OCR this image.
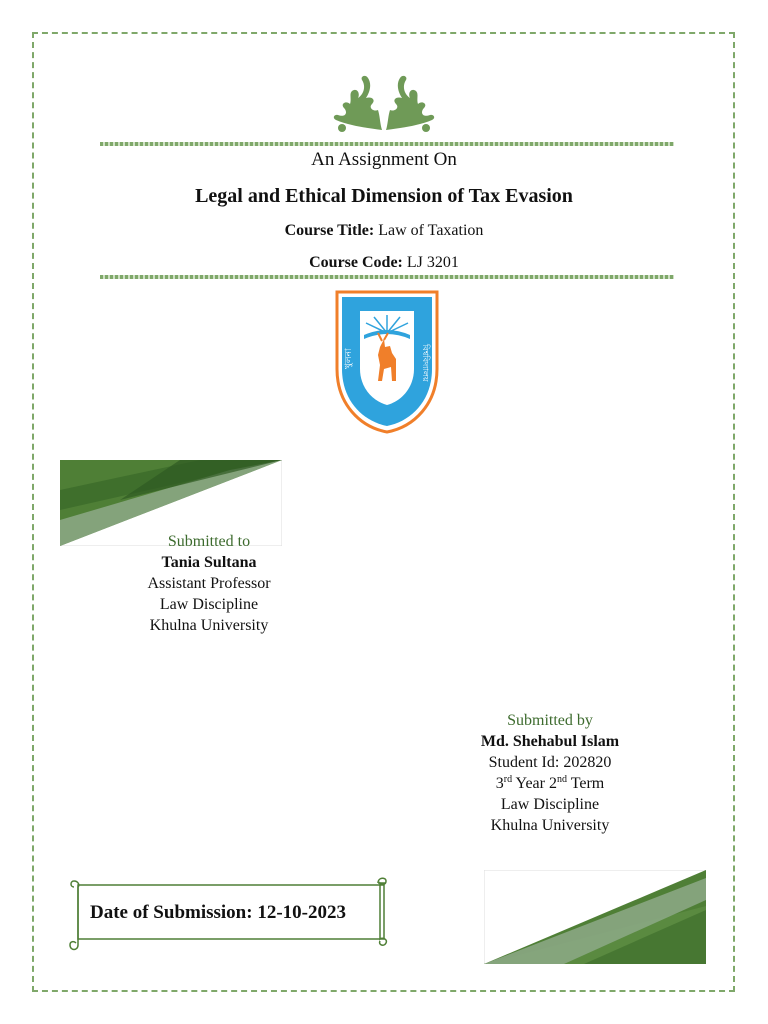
An Assignment On
Legal and Ethical Dimension of Tax Evasion
Course Title: Law of Taxation
Course Code: LJ 3201
খুলনা	বিশ্ববিদ্যালয়
Submitted to
Tania Sultana
Assistant Professor
Law Discipline
Khulna University
Submitted by
Md. Shehabul Islam
Student Id: 202820
3rd Year 2nd Term
Law Discipline
Khulna University
Date of Submission: 12-10-2023
